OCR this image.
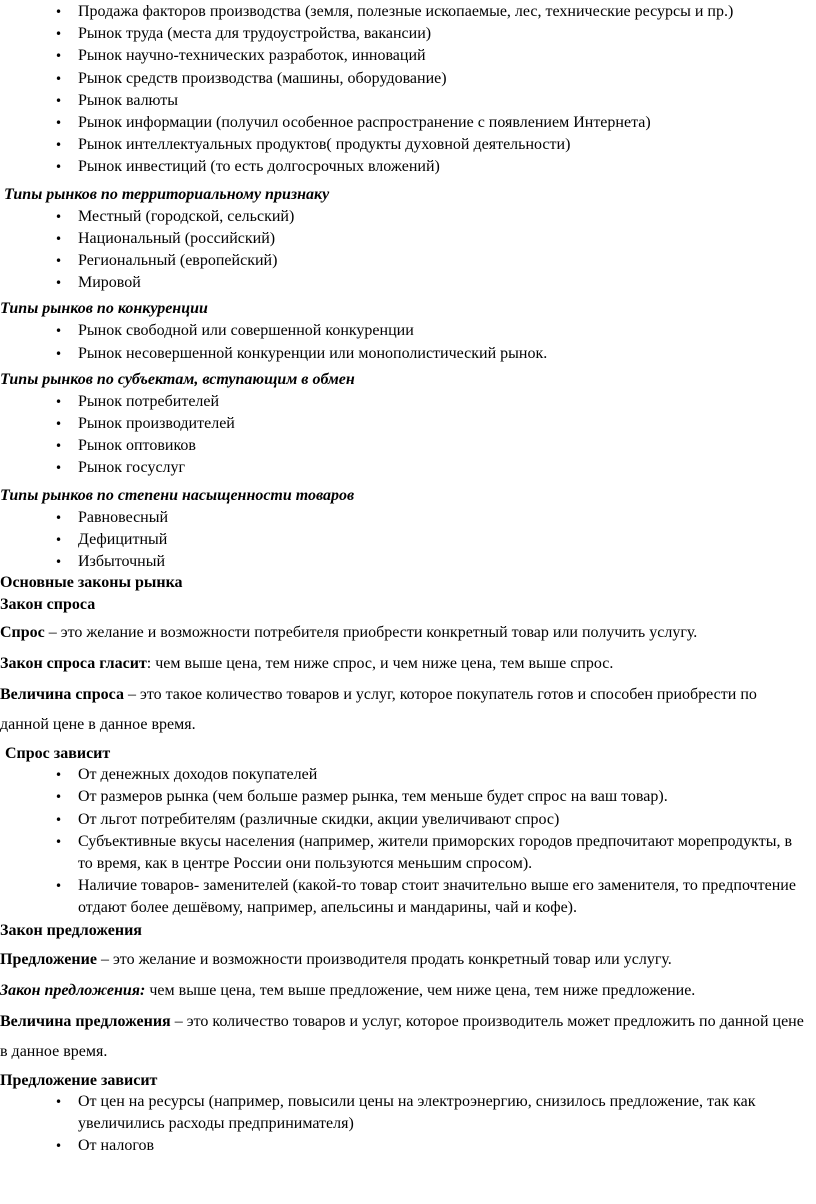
• Продажа факторов производства (земля, полезные ископаемые, лес, технические ресурсы и пр.)
• Рынок труда (места для трудоустройства, вакансии)
• Рынок научно-технических разработок, инноваций
• Рынок средств производства (машины, оборудование)
• Рынок валюты
• Рынок информации (получил особенное распространение с появлением Интернета)
• Рынок интеллектуальных продуктов( продукты духовной деятельности)
• Рынок инвестиций (то есть долгосрочных вложений)
Типы рынков по территориальному признаку
• Местный (городской, сельский)
• Национальный (российский)
• Региональный (европейский)
• Мировой
Типы рынков по конкуренции
• Рынок свободной или совершенной конкуренции
• Рынок несовершенной конкуренции или монополистический рынок.
Типы рынков по субъектам, вступающим в обмен
• Рынок потребителей
• Рынок производителей
• Рынок оптовиков
• Рынок госуслуг
Типы рынков по степени насыщенности товаров
• Равновесный
• Дефицитный
• Избыточный
Основные законы рынка
Закон спроса
Спрос – это желание и возможности потребителя приобрести конкретный товар или получить услугу.
Закон спроса гласит: чем выше цена, тем ниже спрос, и чем ниже цена, тем выше спрос.
Величина спроса – это такое количество товаров и услуг, которое покупатель готов и способен приобрести по данной цене в данное время.
Спрос зависит
• От денежных доходов покупателей
• От размеров рынка (чем больше размер рынка, тем меньше будет спрос на ваш товар).
• От льгот потребителям (различные скидки, акции увеличивают спрос)
• Субъективные вкусы населения (например, жители приморских городов предпочитают морепродукты, в то время, как в центре России они пользуются меньшим спросом).
• Наличие товаров- заменителей (какой-то товар стоит значительно выше его заменителя, то предпочтение отдают более дешёвому, например, апельсины и мандарины, чай и кофе).
Закон предложения
Предложение – это желание и возможности производителя продать конкретный товар или услугу.
Закон предложения: чем выше цена, тем выше предложение, чем ниже цена, тем ниже предложение.
Величина предложения – это количество товаров и услуг, которое производитель может предложить по данной цене в данное время.
Предложение зависит
• От цен на ресурсы (например, повысили цены на электроэнергию, снизилось предложение, так как увеличились расходы предпринимателя)
• От налогов
